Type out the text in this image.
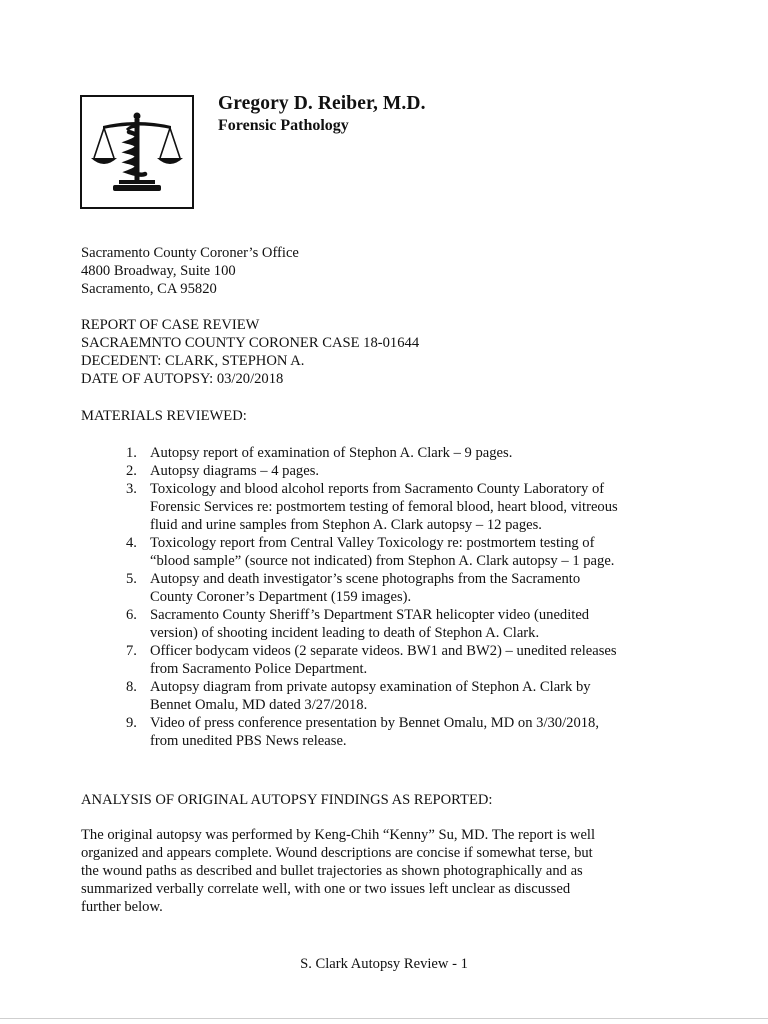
Gregory D. Reiber, M.D.
Forensic Pathology
Sacramento County Coroner’s Office
4800 Broadway, Suite 100
Sacramento, CA 95820
REPORT OF CASE REVIEW
SACRAEMNTO COUNTY CORONER CASE 18-01644
DECEDENT: CLARK, STEPHON A.
DATE OF AUTOPSY: 03/20/2018
MATERIALS REVIEWED:
1. Autopsy report of examination of Stephon A. Clark – 9 pages.
2. Autopsy diagrams – 4 pages.
3. Toxicology and blood alcohol reports from Sacramento County Laboratory of
Forensic Services re: postmortem testing of femoral blood, heart blood, vitreous
fluid and urine samples from Stephon A. Clark autopsy – 12 pages.
4. Toxicology report from Central Valley Toxicology re: postmortem testing of
“blood sample” (source not indicated) from Stephon A. Clark autopsy – 1 page.
5. Autopsy and death investigator’s scene photographs from the Sacramento
County Coroner’s Department (159 images).
6. Sacramento County Sheriff’s Department STAR helicopter video (unedited
version) of shooting incident leading to death of Stephon A. Clark.
7. Officer bodycam videos (2 separate videos. BW1 and BW2) – unedited releases
from Sacramento Police Department.
8. Autopsy diagram from private autopsy examination of Stephon A. Clark by
Bennet Omalu, MD dated 3/27/2018.
9. Video of press conference presentation by Bennet Omalu, MD on 3/30/2018,
from unedited PBS News release.
ANALYSIS OF ORIGINAL AUTOPSY FINDINGS AS REPORTED:
The original autopsy was performed by Keng-Chih “Kenny” Su, MD. The report is well
organized and appears complete. Wound descriptions are concise if somewhat terse, but
the wound paths as described and bullet trajectories as shown photographically and as
summarized verbally correlate well, with one or two issues left unclear as discussed
further below.
S. Clark Autopsy Review - 1
